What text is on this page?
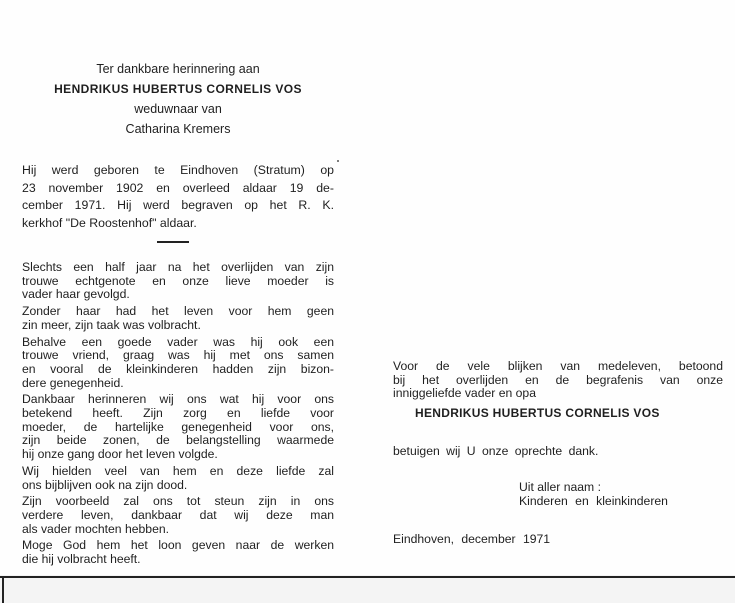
Ter dankbare herinnering aan
HENDRIKUS HUBERTUS CORNELIS VOS
weduwnaar van
Catharina Kremers
Hij werd geboren te Eindhoven (Stratum) op
23 november 1902 en overleed aldaar 19 de-
cember 1971. Hij werd begraven op het R. K.
kerkhof "De Roostenhof" aldaar.
Slechts een half jaar na het overlijden van zijn
trouwe echtgenote en onze lieve moeder is
vader haar gevolgd.
Zonder haar had het leven voor hem geen
zin meer, zijn taak was volbracht.
Behalve een goede vader was hij ook een
trouwe vriend, graag was hij met ons samen
en vooral de kleinkinderen hadden zijn bizon-
dere genegenheid.
Dankbaar herinneren wij ons wat hij voor ons
betekend heeft. Zijn zorg en liefde voor
moeder, de hartelijke genegenheid voor ons,
zijn beide zonen, de belangstelling waarmede
hij onze gang door het leven volgde.
Wij hielden veel van hem en deze liefde zal
ons bijblijven ook na zijn dood.
Zijn voorbeeld zal ons tot steun zijn in ons
verdere leven, dankbaar dat wij deze man
als vader mochten hebben.
Moge God hem het loon geven naar de werken
die hij volbracht heeft.
Voor de vele blijken van medeleven, betoond
bij het overlijden en de begrafenis van onze
inniggeliefde vader en opa
HENDRIKUS HUBERTUS CORNELIS VOS
betuigen wij U onze oprechte dank.
Uit aller naam :
Kinderen en kleinkinderen
Eindhoven, december 1971
